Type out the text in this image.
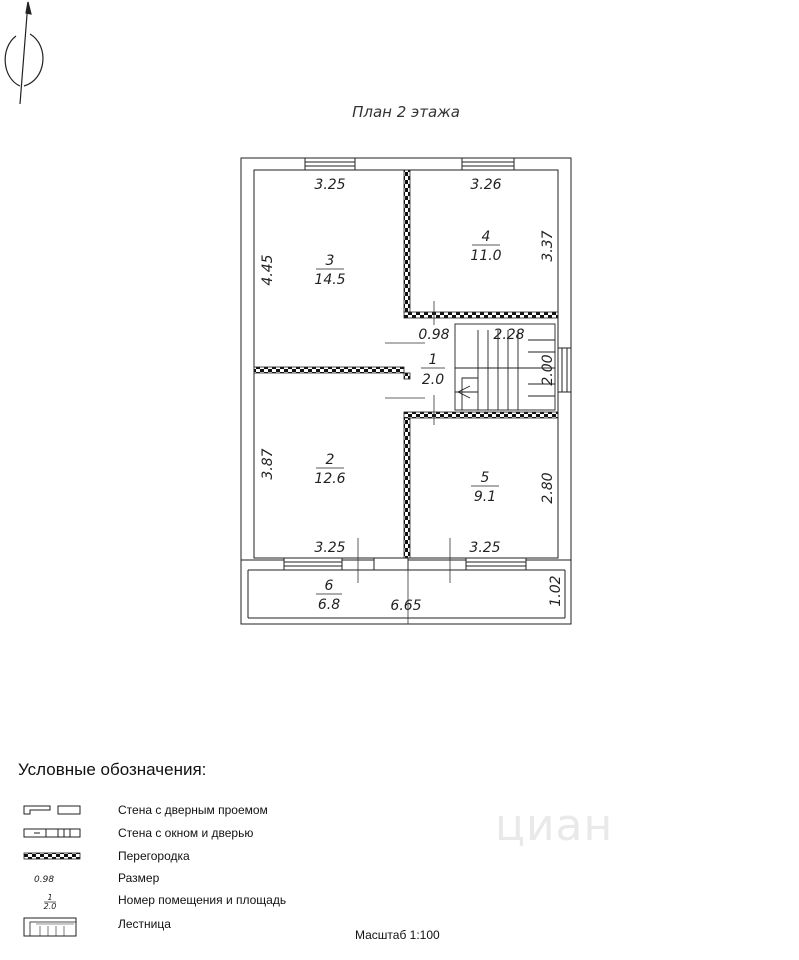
План 2 этажа
3
14.5
4
11.0
1
2.0
2
12.6	5
9.1
6
6.8
3.25	3.26
4.45
3.37
0.98	2.28
2.00
3.87
3.25	3.25
2.80
6.65	1.02
циан
Условные обозначения:
Стена с дверным проемом
Стена с окном и дверью
Перегородка
0.98	Размер
1
2.0	Номер помещения и площадь
Лестница
Масштаб 1:100
